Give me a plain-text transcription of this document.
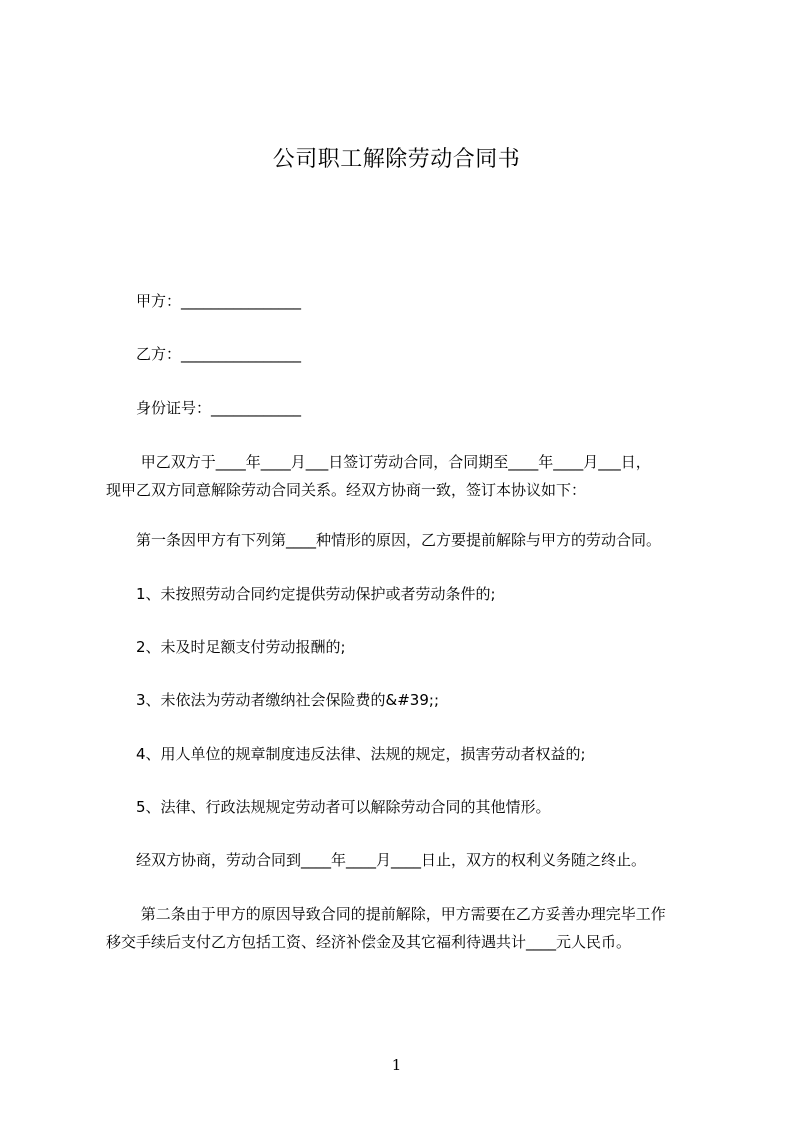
公司职工解除劳动合同书
甲方：________________
乙方：________________
身份证号：____________
甲乙双方于____年____月___日签订劳动合同，合同期至____年____月___日，
现甲乙双方同意解除劳动合同关系。经双方协商一致，签订本协议如下：
第一条因甲方有下列第____种情形的原因，乙方要提前解除与甲方的劳动合同。
1、未按照劳动合同约定提供劳动保护或者劳动条件的;
2、未及时足额支付劳动报酬的;
3、未依法为劳动者缴纳社会保险费的&#39;;
4、用人单位的规章制度违反法律、法规的规定，损害劳动者权益的;
5、法律、行政法规规定劳动者可以解除劳动合同的其他情形。
经双方协商，劳动合同到____年____月____日止，双方的权利义务随之终止。
第二条由于甲方的原因导致合同的提前解除，甲方需要在乙方妥善办理完毕工作
移交手续后支付乙方包括工资、经济补偿金及其它福利待遇共计____元人民币。
1
